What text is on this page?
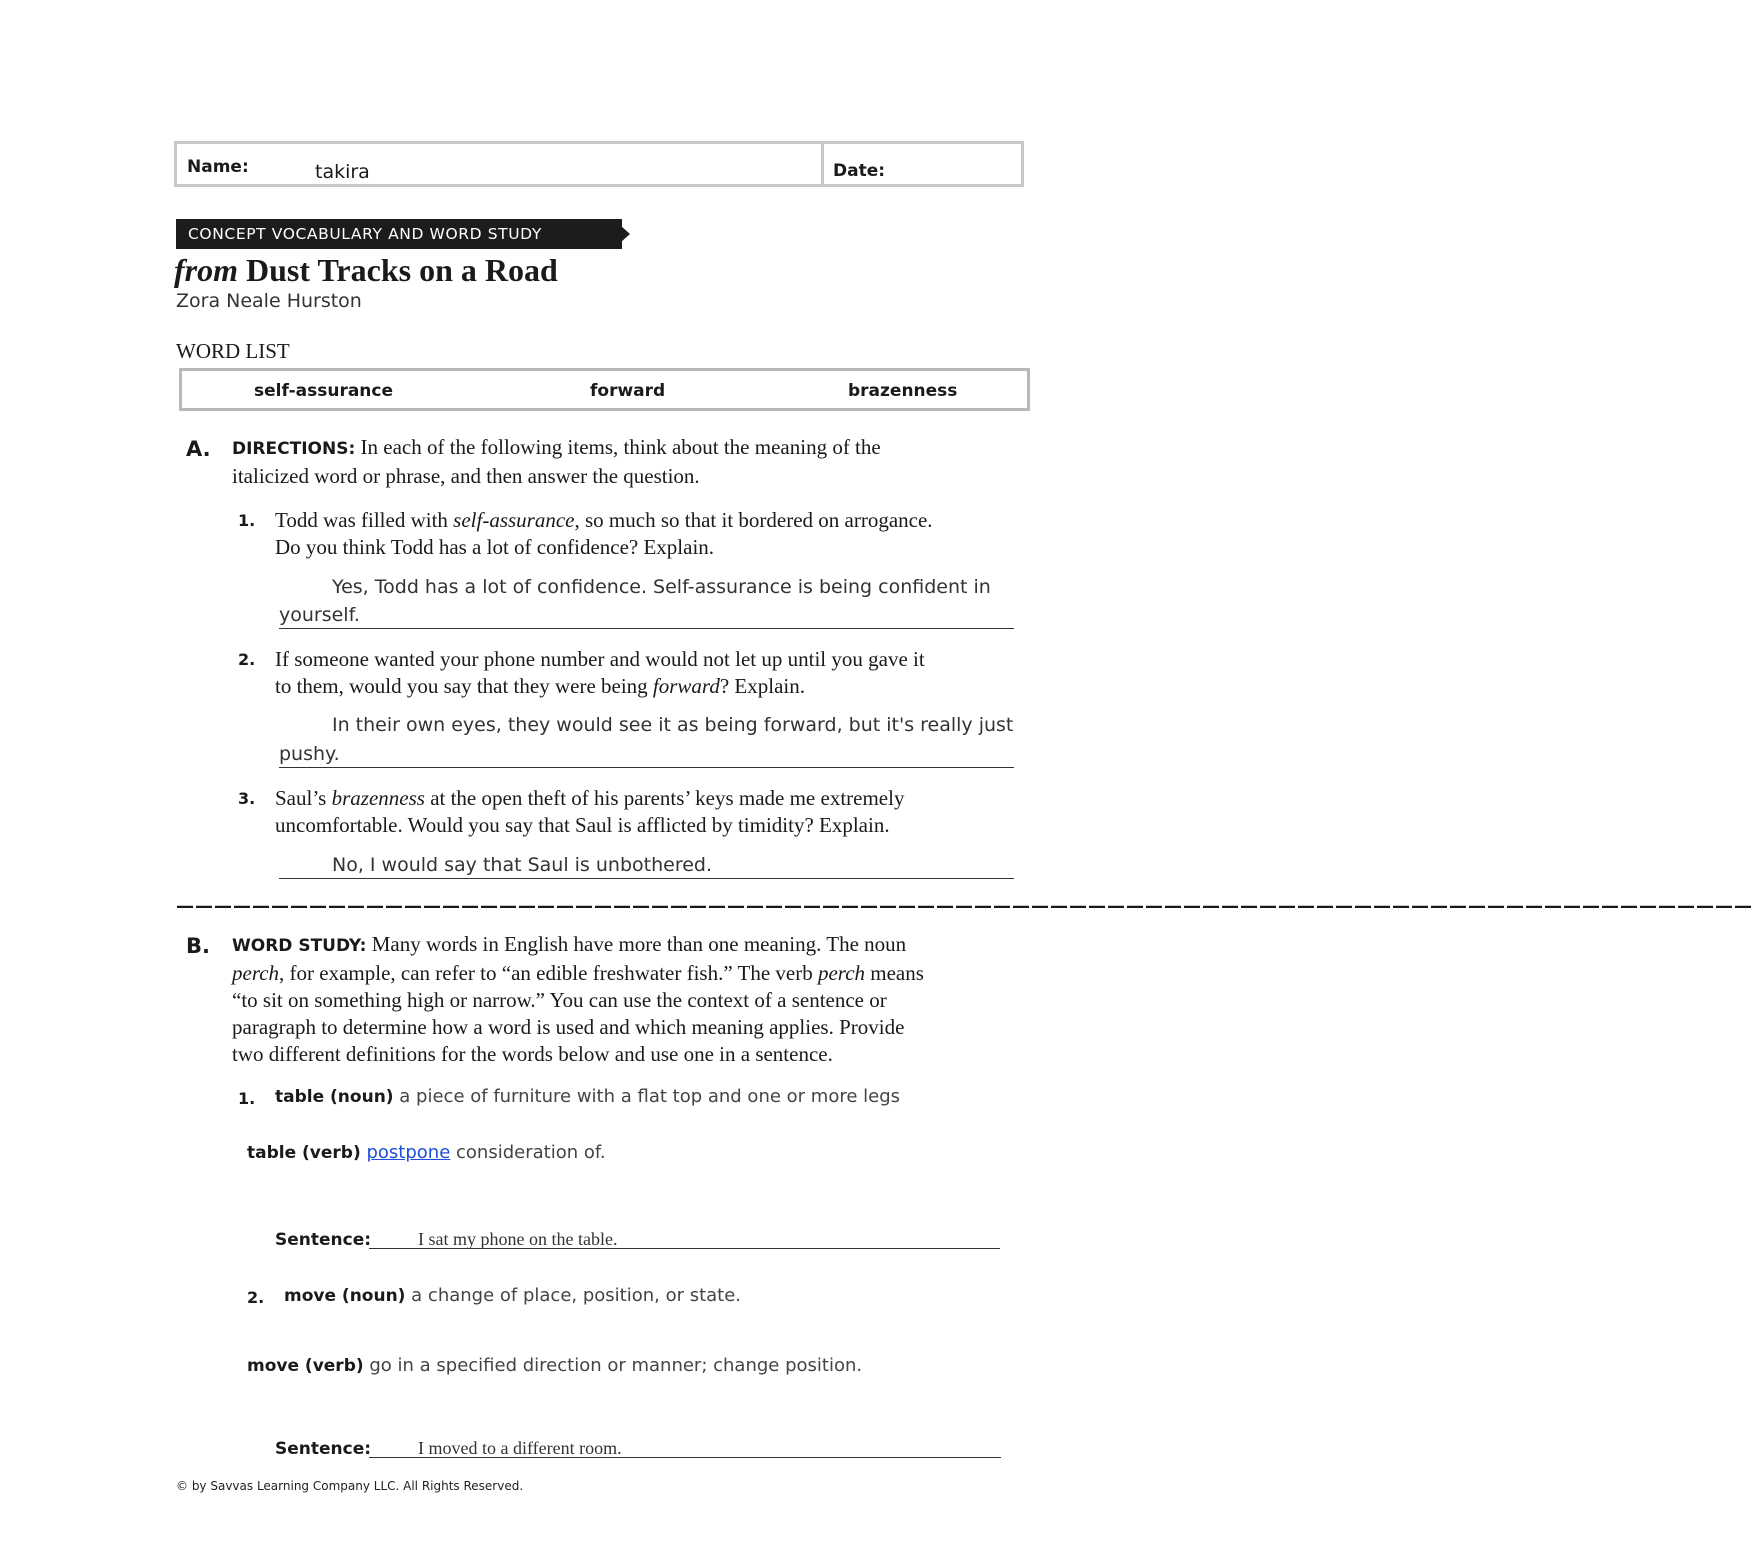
Name:	takira	Date:
CONCEPT VOCABULARY AND WORD STUDY
from Dust Tracks on a Road
Zora Neale Hurston
WORD LIST
self-assurance	forward	brazenness
A. DIRECTIONS: In each of the following items, think about the meaning of the
italicized word or phrase, and then answer the question.
1. Todd was filled with self-assurance, so much so that it bordered on arrogance.
Do you think Todd has a lot of confidence? Explain.
Yes, Todd has a lot of confidence. Self-assurance is being confident in
yourself.
2. If someone wanted your phone number and would not let up until you gave it
to them, would you say that they were being forward? Explain.
In their own eyes, they would see it as being forward, but it's really just
pushy.
3. Saul’s brazenness at the open theft of his parents’ keys made me extremely
uncomfortable. Would you say that Saul is afflicted by timidity? Explain.
No, I would say that Saul is unbothered.
———————————————————————————————————————————————————————————————————————————————————
B. WORD STUDY: Many words in English have more than one meaning. The noun
perch, for example, can refer to “an edible freshwater fish.” The verb perch means
“to sit on something high or narrow.” You can use the context of a sentence or
paragraph to determine how a word is used and which meaning applies. Provide
two different definitions for the words below and use one in a sentence.
1. table (noun) a piece of furniture with a flat top and one or more legs
table (verb) postpone consideration of.
Sentence:	I sat my phone on the table.
2. move (noun) a change of place, position, or state.
move (verb) go in a specified direction or manner; change position.
Sentence:	I moved to a different room.
© by Savvas Learning Company LLC. All Rights Reserved.
